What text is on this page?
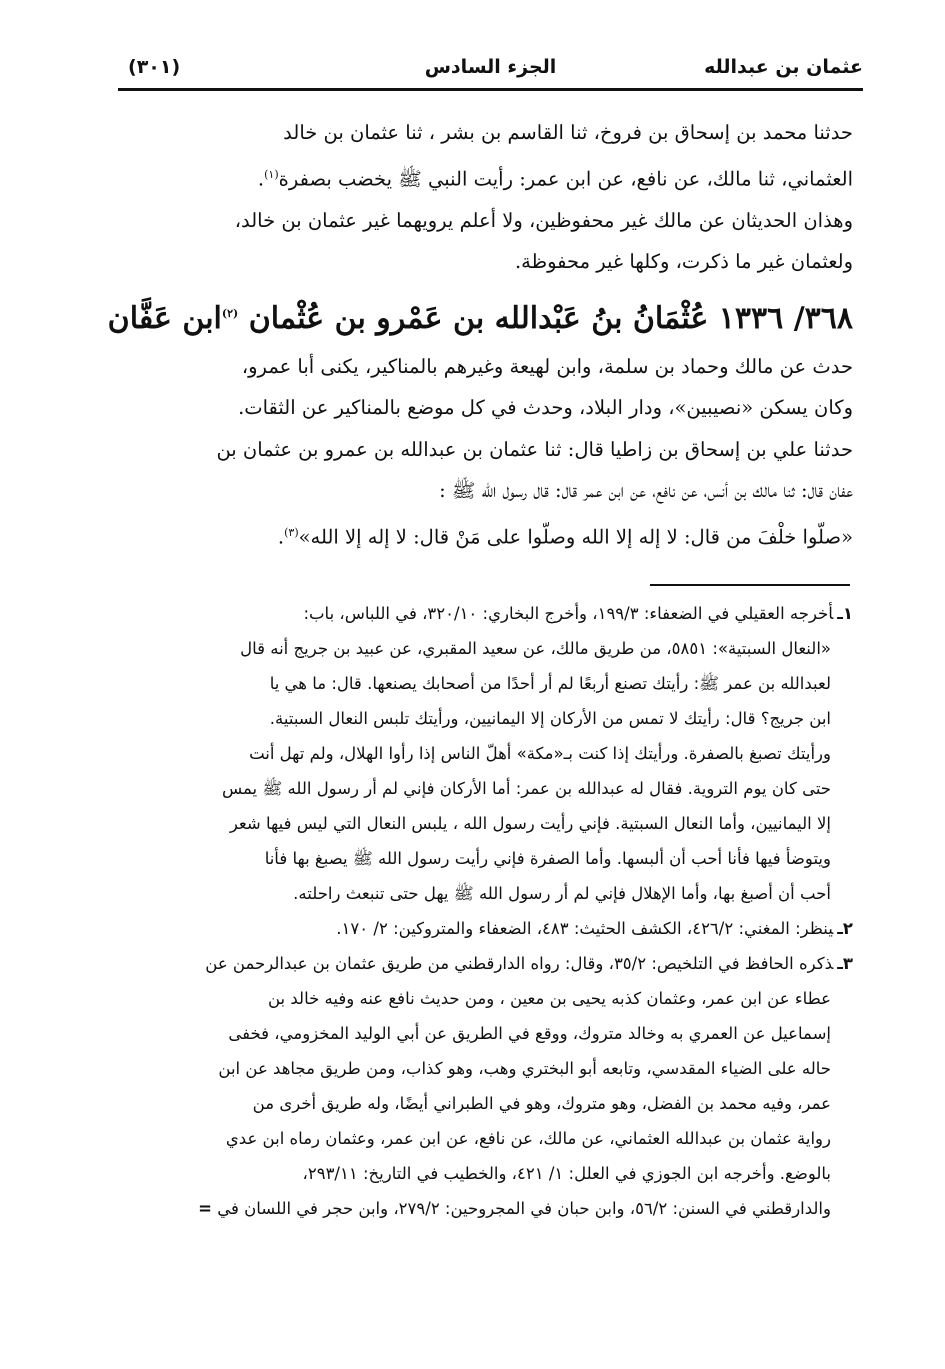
عثمان بن عبدالله
الجزء السادس
(٣٠١)

حدثنا محمد بن إسحاق بن فروخ، ثنا القاسم بن بشر ، ثنا عثمان بن خالد

العثماني، ثنا مالك، عن نافع، عن ابن عمر: رأيت النبي ﷺ يخضب بصفرة$^{(١)}$.

وهذان الحديثان عن مالك غير محفوظين، ولا أعلم يرويهما غير عثمان بن خالد،

ولعثمان غير ما ذكرت، وكلها غير محفوظة.

٣٦٨/ ١٣٣٦ عُثْمَانُ بنُ عَبْدالله بن عَمْرو بن عُثْمان $^{(٢)}$ابن عَفَّان

حدث عن مالك وحماد بن سلمة، وابن لهيعة وغيرهم بالمناكير، يكنى أبا عمرو،

وكان يسكن «نصيبين»، ودار البلاد، وحدث في كل موضع بالمناكير عن الثقات.

حدثنا علي بن إسحاق بن زاطيا قال: ثنا عثمان بن عبدالله بن عمرو بن عثمان بن

عفان قال: ثنا مالك بن أنس، عن نافع، عن ابن عمر قال: قال رسول الله ﷺ :

«صلّوا خلْفَ من قال: لا إله إلا الله وصلّوا على مَنْ قال: لا إله إلا الله»$^{(٣)}$.

١ـأخرجه العقيلي في الضعفاء: ١٩٩/٣، وأخرج البخاري: ٣٢٠/١٠، في اللباس، باب:

«النعال السبتية»: ٥٨٥١، من طريق مالك، عن سعيد المقبري، عن عبيد بن جريج أنه قال

لعبدالله بن عمر ﷺ: رأيتك تصنع أربعًا لم أر أحدًا من أصحابك يصنعها. قال: ما هي يا

ابن جريج؟ قال: رأيتك لا تمس من الأركان إلا اليمانيين، ورأيتك تلبس النعال السبتية.

ورأيتك تصبغ بالصفرة. ورأيتك إذا كنت بـ«مكة» أهلّ الناس إذا رأوا الهلال، ولم تهل أنت

حتى كان يوم التروية. فقال له عبدالله بن عمر: أما الأركان فإني لم أر رسول الله ﷺ يمس

إلا اليمانيين، وأما النعال السبتية. فإني رأيت رسول الله ، يلبس النعال التي ليس فيها شعر

ويتوضأ فيها فأنا أحب أن ألبسها. وأما الصفرة فإني رأيت رسول الله ﷺ يصبغ بها فأنا

أحب أن أصبغ بها، وأما الإهلال فإني لم أر رسول الله ﷺ يهل حتى تنبعث راحلته.

٢ـينظر: المغني: ٤٢٦/٢، الكشف الحثيث: ٤٨٣، الضعفاء والمتروكين: ٢/ ١٧٠.

٣ـذكره الحافظ في التلخيص: ٣٥/٢، وقال: رواه الدارقطني من طريق عثمان بن عبدالرحمن عن

عطاء عن ابن عمر، وعثمان كذبه يحيى بن معين ، ومن حديث نافع عنه وفيه خالد بن

إسماعيل عن العمري به وخالد متروك، ووقع في الطريق عن أبي الوليد المخزومي، فخفى

حاله على الضياء المقدسي، وتابعه أبو البختري وهب، وهو كذاب، ومن طريق مجاهد عن ابن

عمر، وفيه محمد بن الفضل، وهو متروك، وهو في الطبراني أيضًا، وله طريق أخرى من

رواية عثمان بن عبدالله العثماني، عن مالك، عن نافع، عن ابن عمر، وعثمان رماه ابن عدي

بالوضع. وأخرجه ابن الجوزي في العلل: ١/ ٤٢١، والخطيب في التاريخ: ٢٩٣/١١،

والدارقطني في السنن: ٥٦/٢، وابن حبان في المجروحين: ٢٧٩/٢، وابن حجر في اللسان في =
